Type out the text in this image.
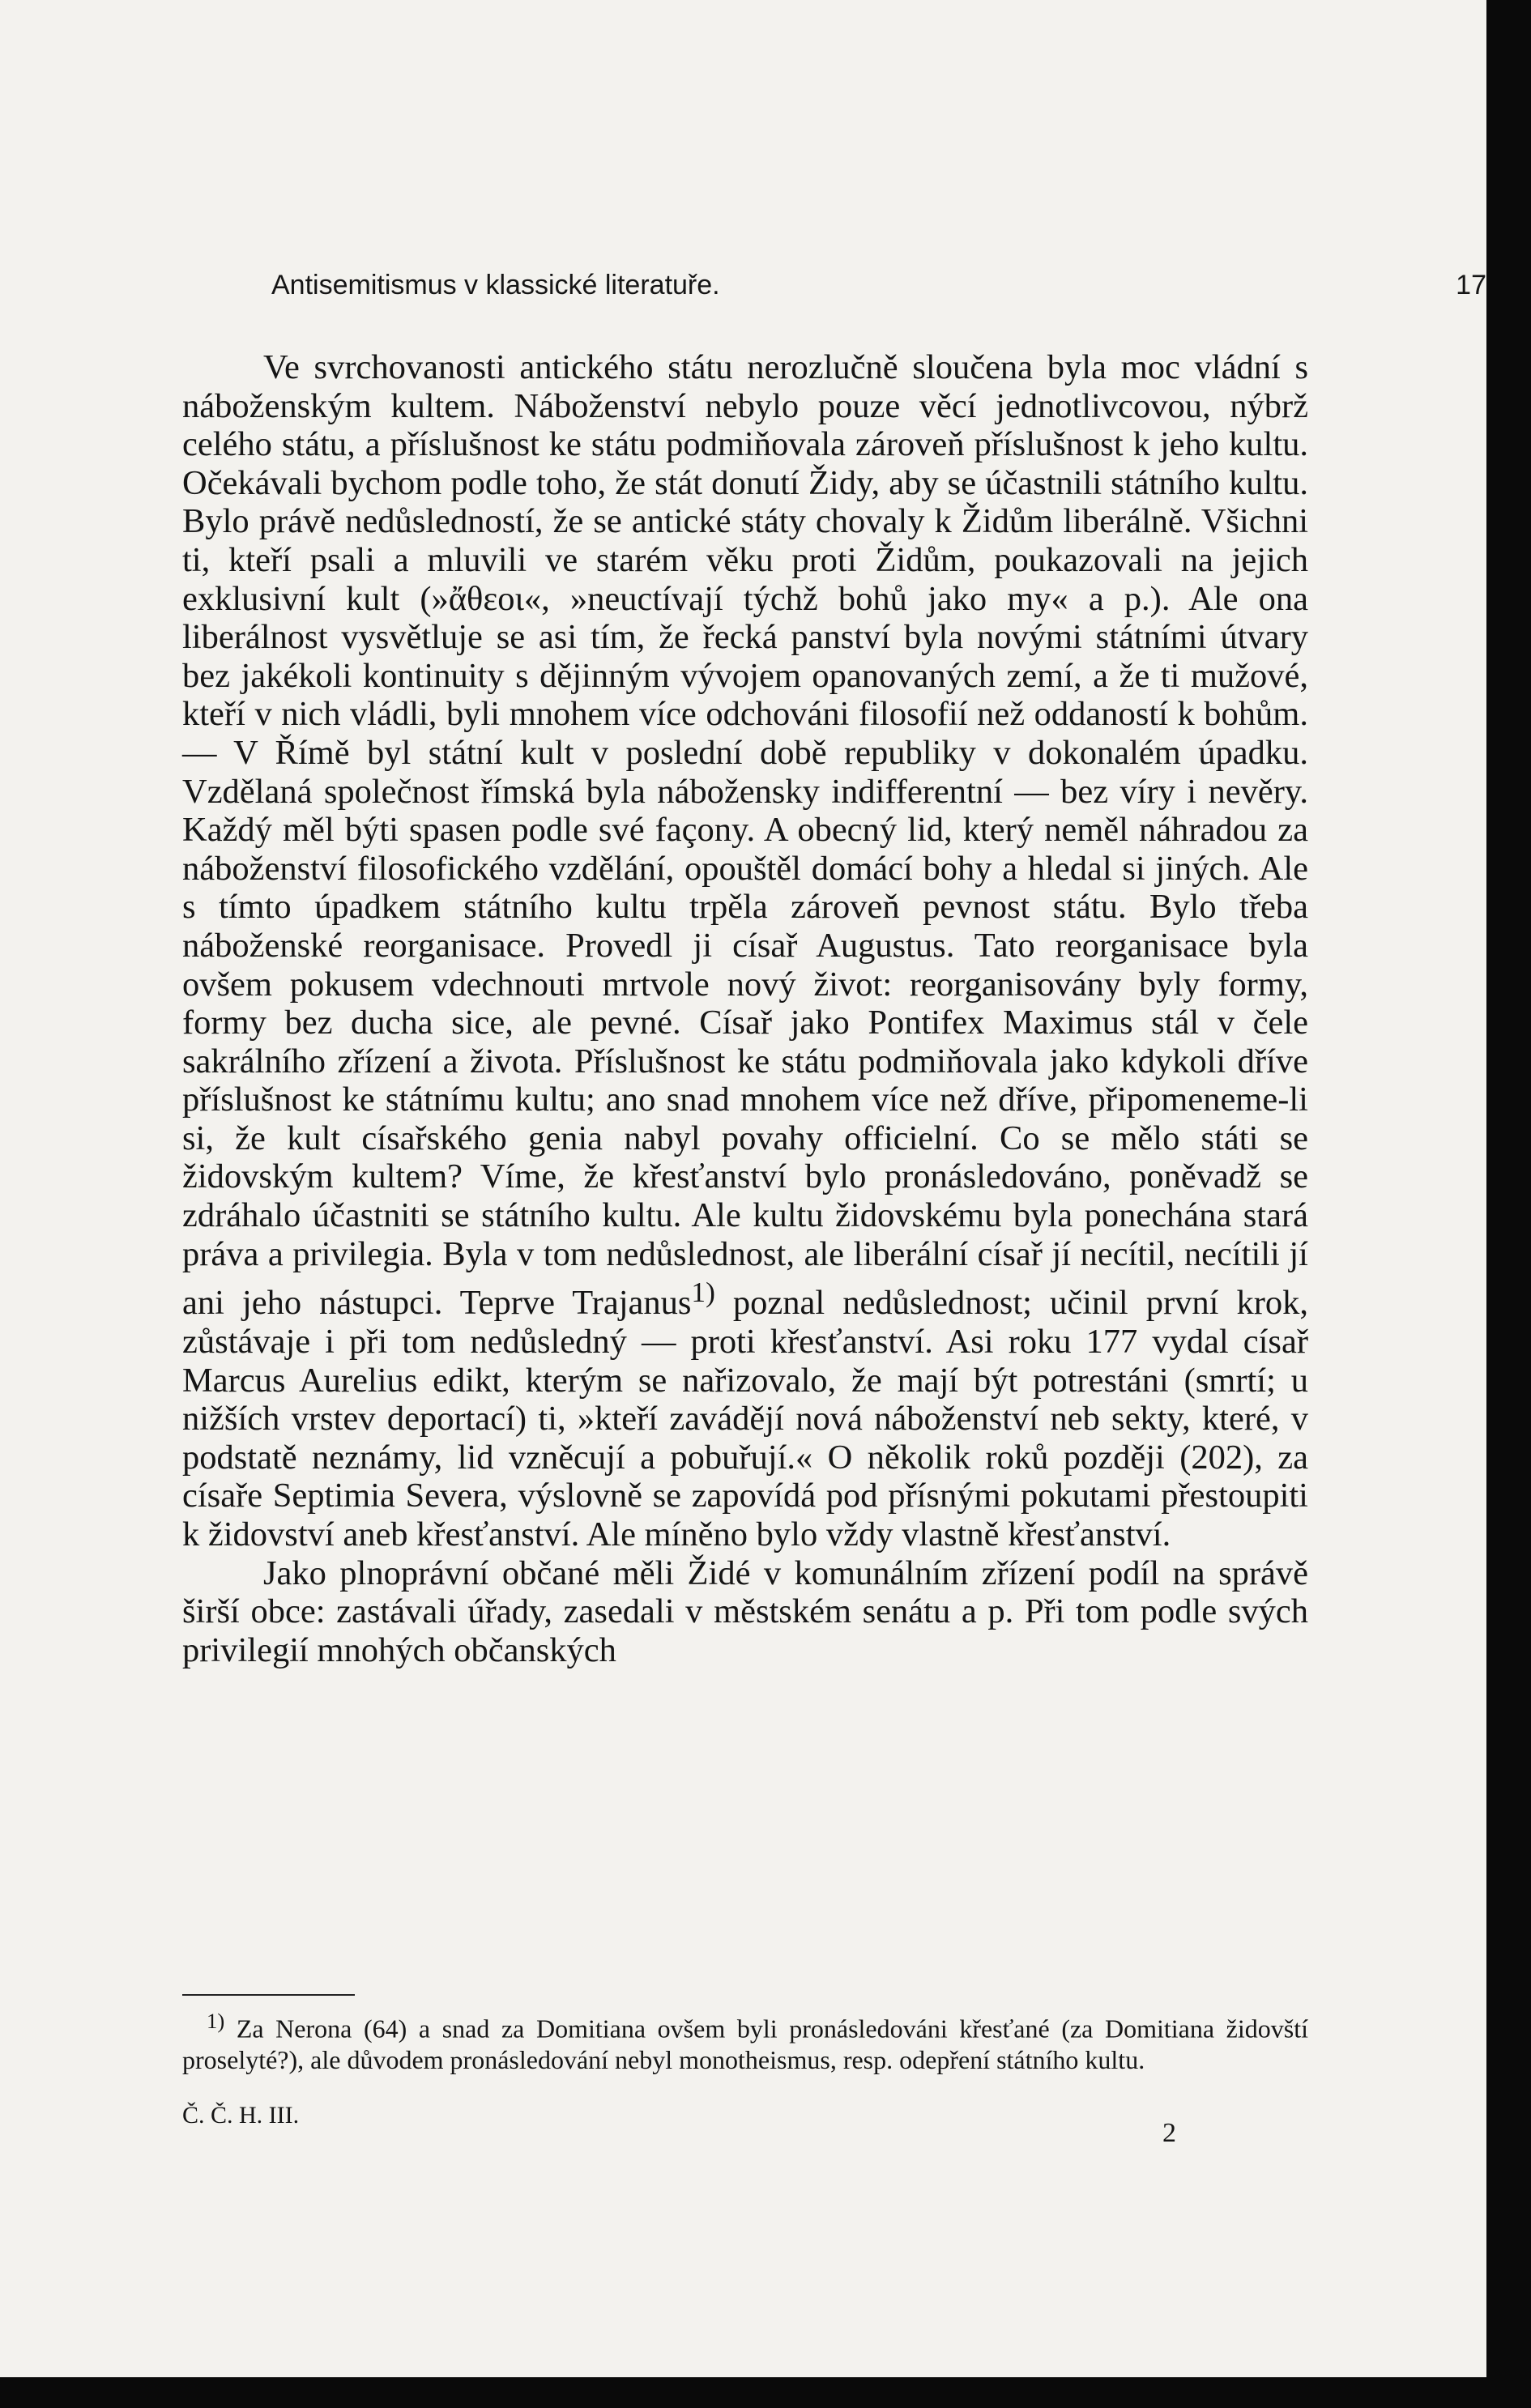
Antisemitismus v klassické literatuře.	17

Ve svrchovanosti antického státu nerozlučně sloučena byla moc vládní s náboženským kultem. Náboženství nebylo pouze věcí jednotlivcovou, nýbrž celého státu, a příslušnost ke státu podmiňovala zároveň příslušnost k jeho kultu. Očekávali bychom podle toho, že stát donutí Židy, aby se účastnili státního kultu. Bylo právě nedůsledností, že se antické státy chovaly k Židům liberálně. Všichni ti, kteří psali a mluvili ve starém věku proti Židům, poukazovali na jejich exklusivní kult (»ἄθεοι«, »neuctívají týchž bohů jako my« a p.). Ale ona liberálnost vysvětluje se asi tím, že řecká panství byla novými státními útvary bez jakékoli kontinuity s dějinným vývojem opanovaných zemí, a že ti mužové, kteří v nich vládli, byli mnohem více odchováni filosofií než oddaností k bohům. — V Římě byl státní kult v poslední době republiky v dokonalém úpadku. Vzdělaná společnost římská byla nábožensky indifferentní — bez víry i nevěry. Každý měl býti spasen podle své façony. A obecný lid, který neměl náhradou za náboženství filosofického vzdělání, opouštěl domácí bohy a hledal si jiných. Ale s tímto úpadkem státního kultu trpěla zároveň pevnost státu. Bylo třeba náboženské reorganisace. Provedl ji císař Augustus. Tato reorganisace byla ovšem pokusem vdechnouti mrtvole nový život: reorganisovány byly formy, formy bez ducha sice, ale pevné. Císař jako Pontifex Maximus stál v čele sakrálního zřízení a života. Příslušnost ke státu podmiňovala jako kdykoli dříve příslušnost ke státnímu kultu; ano snad mnohem více než dříve, připomeneme-li si, že kult císařského genia nabyl povahy officielní. Co se mělo státi se židovským kultem? Víme, že křesťanství bylo pronásledováno, poněvadž se zdráhalo účastniti se státního kultu. Ale kultu židovskému byla ponechána stará práva a privilegia. Byla v tom nedůslednost, ale liberální císař jí necítil, necítili jí ani jeho nástupci. Teprve Trajanus$^{1)}$ poznal nedůslednost; učinil první krok, zůstávaje i při tom nedůsledný — proti křesťanství. Asi roku 177 vydal císař Marcus Aurelius edikt, kterým se nařizovalo, že mají být potrestáni (smrtí; u nižších vrstev deportací) ti, »kteří zavádějí nová náboženství neb sekty, které, v podstatě neznámy, lid vzněcují a pobuřují.« O několik roků později (202), za císaře Septimia Severa, výslovně se zapovídá pod přísnými pokutami přestoupiti k židovství aneb křesťanství. Ale míněno bylo vždy vlastně křesťanství.

Jako plnoprávní občané měli Židé v komunálním zřízení podíl na správě širší obce: zastávali úřady, zasedali v městském senátu a p. Při tom podle svých privilegií mnohých občanských

$^{1)}$ Za Nerona (64) a snad za Domitiana ovšem byli pronásledováni křesťané (za Domitiana židovští proselyté?), ale důvodem pronásledování nebyl monotheismus, resp. odepření státního kultu.

Č. Č. H. III.
2
